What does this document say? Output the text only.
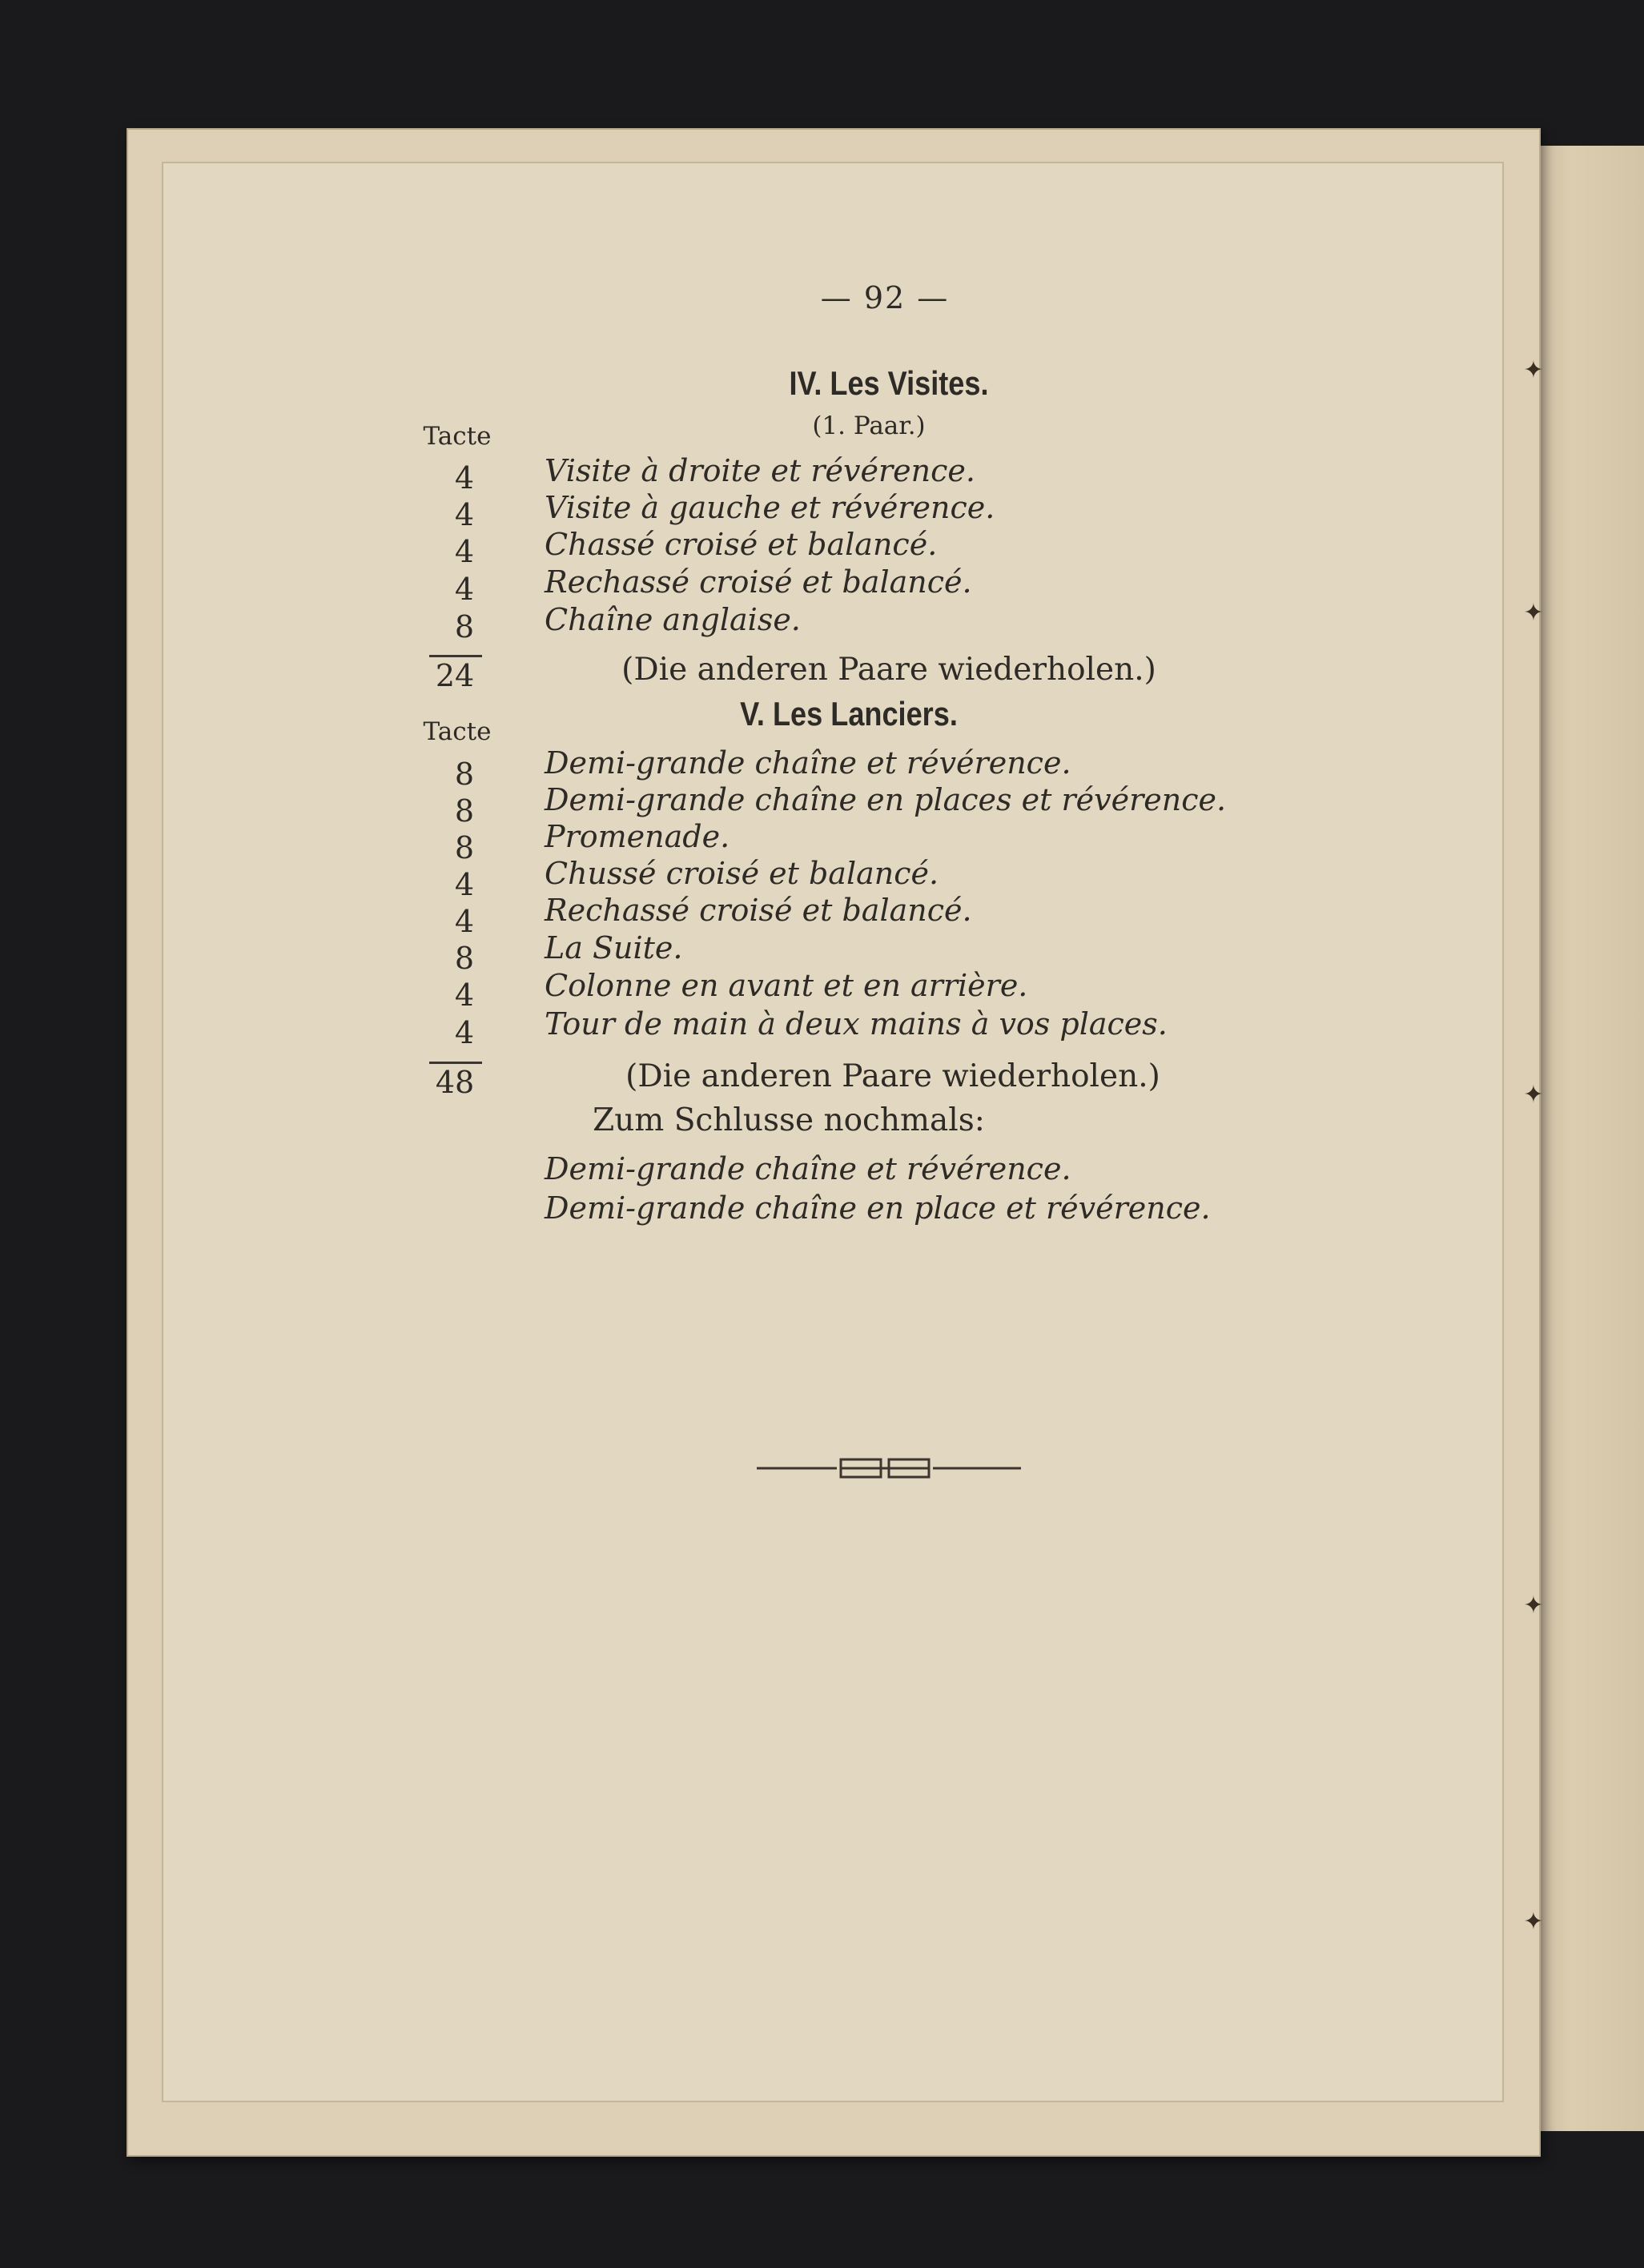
✦
✦
✦
✦
✦
— 92 —
IV. Les Visites.
(1. Paar.)
Tacte
4
4
4
4
8
Visite à droite et révérence.
Visite à gauche et révérence.
Chassé croisé et balancé.
Rechassé croisé et balancé.
Chaîne anglaise.
24	(Die anderen Paare wiederholen.)
V. Les Lanciers.
Tacte
8
8
8
4
4
8
4
4
Demi-grande chaîne et révérence.
Demi-grande chaîne en places et révérence.
Promenade.
Chussé croisé et balancé.
Rechassé croisé et balancé.
La Suite.
Colonne en avant et en arrière.
Tour de main à deux mains à vos places.
48	(Die anderen Paare wiederholen.)
Zum Schlusse nochmals:
Demi-grande chaîne et révérence.
Demi-grande chaîne en place et révérence.
